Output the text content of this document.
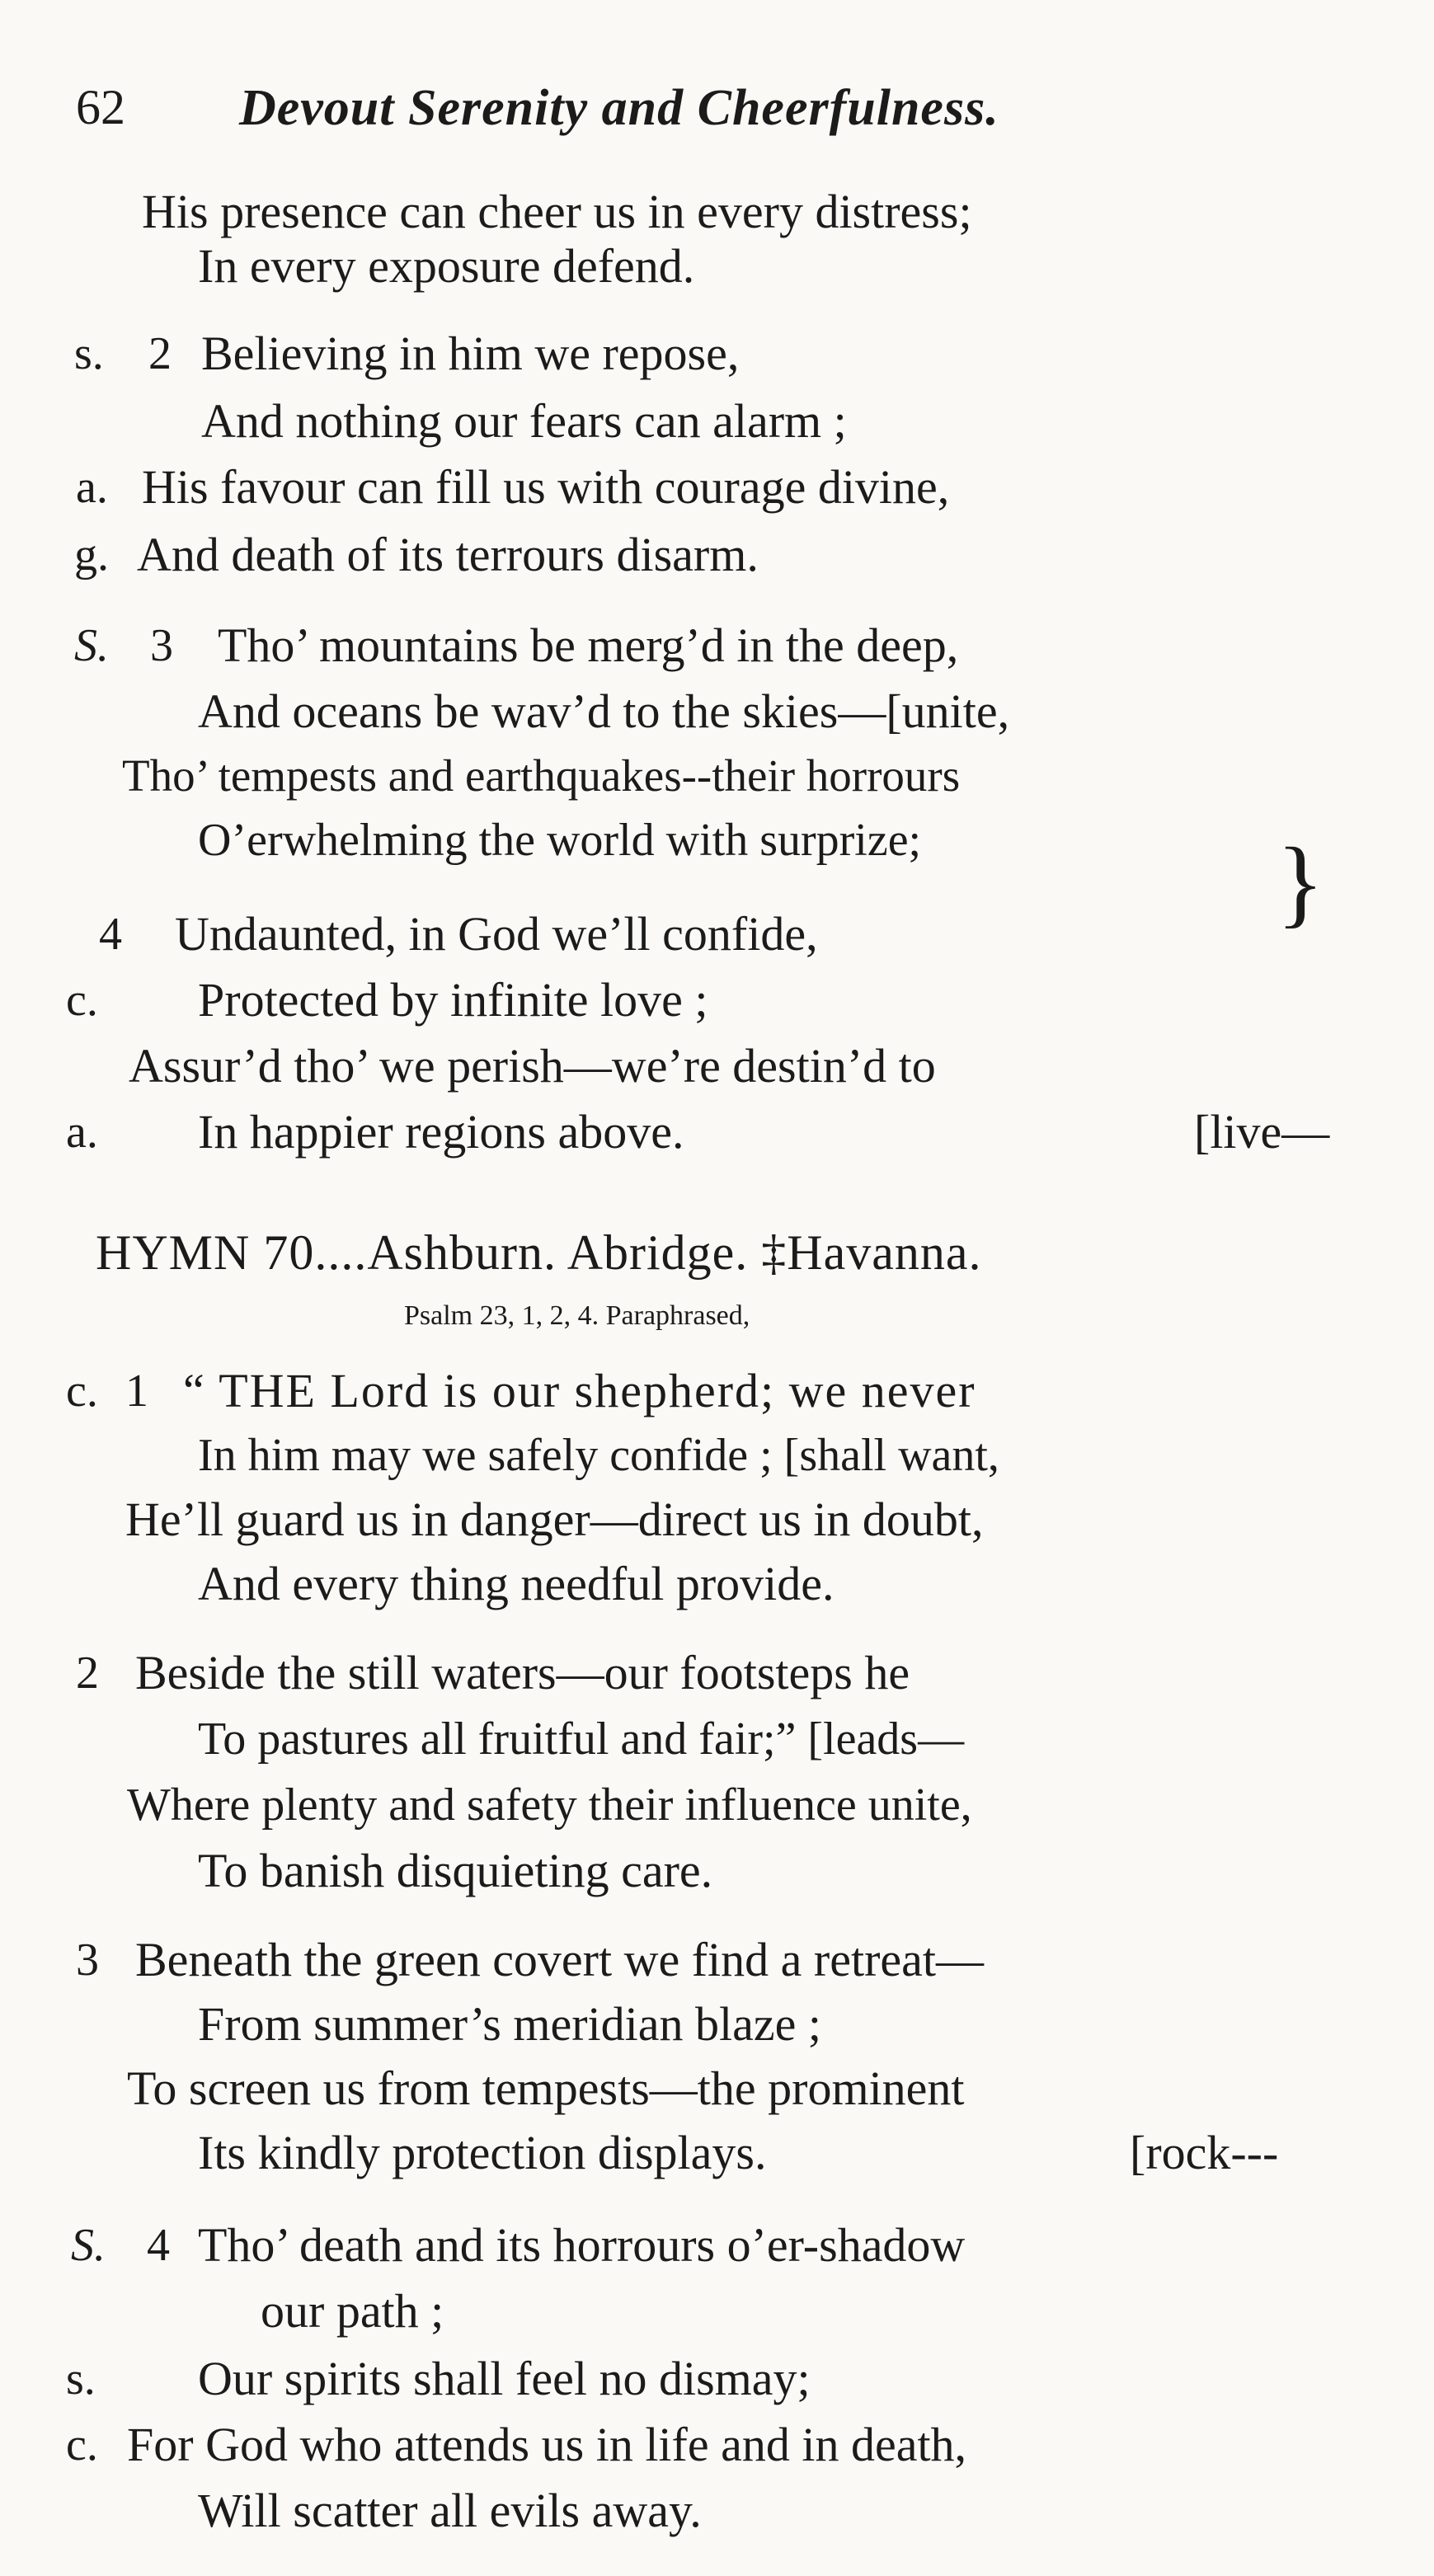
62 Devout Serenity and Cheerfulness.
His presence can cheer us in every distress;
In every exposure defend.
s. 2 Believing in him we repose,
And nothing our fears can alarm ;
a. His favour can fill us with courage divine,
g. And death of its terrours disarm.
S. 3 Tho’ mountains be merg’d in the deep,
And oceans be wav’d to the skies—[unite,
Tho’ tempests and earthquakes--their horrours
O’erwhelming the world with surprize;	}
4 Undaunted, in God we’ll confide,
c. Protected by infinite love ;
Assur’d tho’ we perish—we’re destin’d to
a. In happier regions above.	[live—
HYMN 70....Ashburn. Abridge. ‡Havanna.
Psalm 23, 1, 2, 4. Paraphrased,
c. 1 “ THE Lord is our shepherd; we never
In him may we safely confide ; [shall want,
He’ll guard us in danger—direct us in doubt,
And every thing needful provide.
2 Beside the still waters—our footsteps he
To pastures all fruitful and fair;” [leads—
Where plenty and safety their influence unite,
To banish disquieting care.
3 Beneath the green covert we find a retreat—
From summer’s meridian blaze ;
To screen us from tempests—the prominent
Its kindly protection displays.	[rock---
S. 4 Tho’ death and its horrours o’er-shadow
our path ;
s. Our spirits shall feel no dismay;
c. For God who attends us in life and in death,
Will scatter all evils away.
